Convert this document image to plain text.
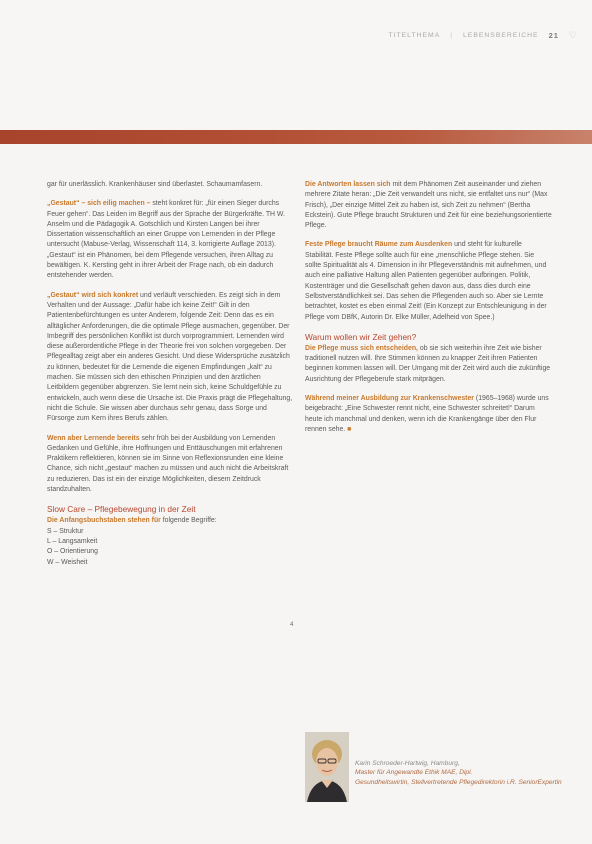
TITELTHEMA | LEBENSBEREICHE 21 ♡

gar für unerlässlich. Krankenhäuser sind überlastet. Schaumamfasern.

„Gestaut“ – sich eilig machen – steht konkret für: „für einen Sieger durchs Feuer gehen“. Das Leiden im Begriff aus der Sprache der Bürgerkräfte. TH W. Anselm und die Pädagogik A. Gotschlich und Kirsten Langen bei ihrer Dissertation wissenschaftlich an einer Gruppe von Lernenden in der Pflege untersucht (Mabuse-Verlag, Wissenschaft 114, 3. korrigierte Auflage 2013). „Gestaut“ ist ein Phänomen, bei dem Pflegende versuchen, ihren Alltag zu bewältigen. K. Kersting geht in ihrer Arbeit der Frage nach, ob ein dadurch entstehender werden.

„Gestaut“ wird sich konkret und verläuft verschieden. Es zeigt sich in dem Verhalten und der Aussage: „Dafür habe ich keine Zeit!“ Gilt in den Patientenbefürchtungen es unter Anderem, folgende Zeit: Denn das es ein alltäglicher Anforderungen, die die optimale Pflege ausmachen, gegenüber. Der Imbegriff des persönlichen Konflikt ist durch vorprogrammiert. Lernenden wird diese außerordentliche Pflege in der Theorie frei von solchen vorgegeben. Der Pflegealltag zeigt aber ein anderes Gesicht. Und diese Widersprüche zusätzlich zu können, bedeutet für die Lernende die eigenen Empfindungen „kalt“ zu machen. Sie müssen sich den ethischen Prinzipien und den ärztlichen Leitbildern gegenüber abgrenzen. Sie lernt nein sich, keine Schuldgefühle zu entwickeln, auch wenn diese die Ursache ist. Die Praxis prägt die Pflegehaltung, nicht die Schule. Sie wissen aber durchaus sehr genau, dass Sorge und Fürsorge zum Kern ihres Berufs zählen.

Wenn aber Lernende bereits sehr früh bei der Ausbildung von Lernenden Gedanken und Gefühle, ihre Hoffnungen und Enttäuschungen mit erfahrenen Praktikern reflektieren, können sie im Sinne von Reflexionsrunden eine kleine Chance, sich nicht „gestaut“ machen zu müssen und auch nicht die Arbeitskraft zu reduzieren. Das ist ein der einzige Möglichkeiten, diesem Zeitdruck standzuhalten.

Slow Care – Pflegebewegung in der Zeit
Die Anfangsbuchstaben stehen für folgende Begriffe:
S – Struktur
L – Langsamkeit
O – Orientierung
W – Weisheit
4

Die Antworten lassen sich mit dem Phänomen Zeit auseinander und ziehen mehrere Zitate heran: „Die Zeit verwandelt uns nicht, sie entfaltet uns nur“ (Max Frisch), „Der einzige Mittel Zeit zu haben ist, sich Zeit zu nehmen“ (Bertha Eckstein). Gute Pflege braucht Strukturen und Zeit für eine beziehungsorientierte Pflege.

Feste Pflege braucht Räume zum Ausdenken und steht für kulturelle Stabilität. Feste Pflege sollte auch für eine „menschliche Pflege stehen. Sie sollte Spiritualität als 4. Dimension in ihr Pflegeverständnis mit aufnehmen, und auch eine palliative Haltung allen Patienten gegenüber aufbringen. Politik, Kostenträger und die Gesellschaft gehen davon aus, dass dies durch eine Selbstverständlichkeit sei. Das sehen die Pflegenden auch so. Aber sie Lernte betrachtet, kostet es eben einmal Zeit! (Ein Konzept zur Entschleunigung in der Pflege vom DBfK, Autorin Dr. Elke Müller, Adelheid von Spee.)

Warum wollen wir Zeit gehen?

Die Pflege muss sich entscheiden, ob sie sich weiterhin ihre Zeit wie bisher traditionell nutzen will. Ihre Stimmen können zu knapper Zeit ihren Patienten beginnen kommen lassen will. Der Umgang mit der Zeit wird auch die zukünftige Ausrichtung der Pflegeberufe stark mitprägen.

Während meiner Ausbildung zur Krankenschwester (1965–1968) wurde uns beigebracht: „Eine Schwester rennt nicht, eine Schwester schreitet!“ Darum heute ich manchmal und denken, wenn ich die Krankengänge über den Flur rennen sehe. ■

Karin Schroeder-Hartwig, Hamburg,
Master für Angewandte Ethik MAE, Dipl.
Gesundheitswirtin, Stellvertretende Pflegedirektorin i.R. SeniorExpertin
